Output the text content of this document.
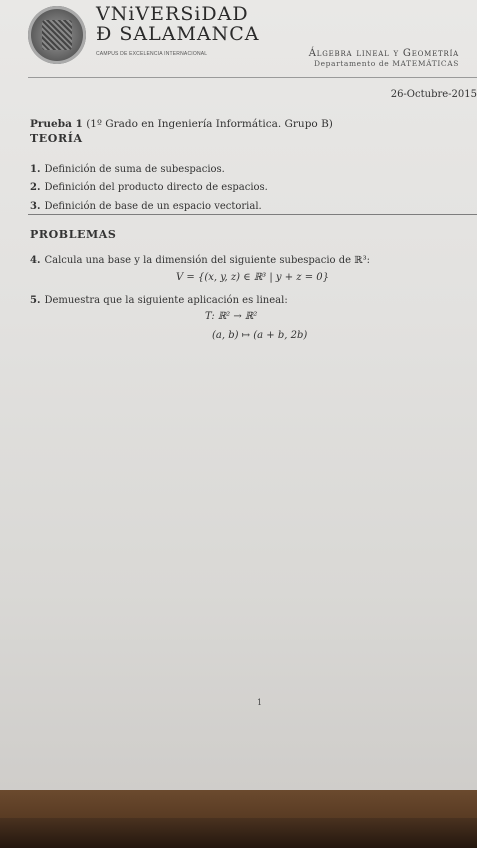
VNiVERSiDAD
Ð SALAMANCA
CAMPUS DE EXCELENCIA INTERNACIONAL	Álgebra lineal y Geometría
Departamento de MATEMÁTICAS
26-Octubre-2015
Prueba 1 (1º Grado en Ingeniería Informática. Grupo B)
TEORÍA
1. Definición de suma de subespacios.
2. Definición del producto directo de espacios.
3. Definición de base de un espacio vectorial.
PROBLEMAS
4. Calcula una base y la dimensión del siguiente subespacio de ℝ³:
V = {(x, y, z) ∈ ℝ³ | y + z = 0}
5. Demuestra que la siguiente aplicación es lineal:
T: ℝ² → ℝ²
(a, b) ↦ (a + b, 2b)
1
